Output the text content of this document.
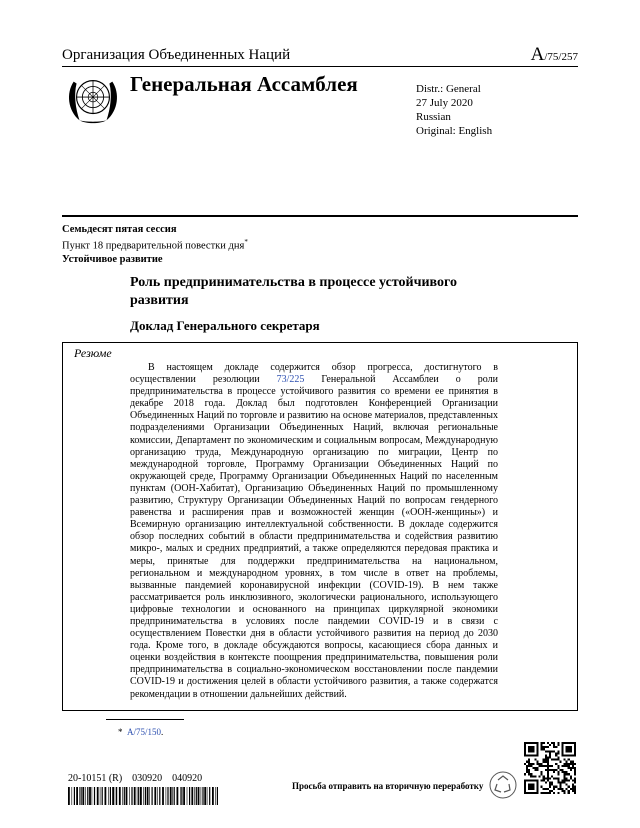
Организация Объединенных Наций	A/75/257
Генеральная Ассамблея	Distr.: General
27 July 2020
Russian
Original: English
Семьдесят пятая сессия
Пункт 18 предварительной повестки дня*
Устойчивое развитие
Роль предпринимательства в процессе устойчивого развития
Доклад Генерального секретаря
Резюме
В настоящем докладе содержится обзор прогресса, достигнутого в осуществлении резолюции 73/225 Генеральной Ассамблеи о роли предпринимательства в процессе устойчивого развития со времени ее принятия в декабре 2018 года. Доклад был подготовлен Конференцией Организации Объединенных Наций по торговле и развитию на основе материалов, представленных подразделениями Организации Объединенных Наций, включая региональные комиссии, Департамент по экономическим и социальным вопросам, Международную организацию труда, Международную организацию по миграции, Центр по международной торговле, Программу Организации Объединенных Наций по окружающей среде, Программу Организации Объединенных Наций по населенным пунктам (ООН-Хабитат), Организацию Объединенных Наций по промышленному развитию, Структуру Организации Объединенных Наций по вопросам гендерного равенства и расширения прав и возможностей женщин («ООН-женщины») и Всемирную организацию интеллектуальной собственности. В докладе содержится обзор последних событий в области предпринимательства и содействия развитию микро-, малых и средних предприятий, а также определяются передовая практика и меры, принятые для поддержки предпринимательства на национальном, региональном и международном уровнях, в том числе в ответ на проблемы, вызванные пандемией коронавирусной инфекции (COVID-19). В нем также рассматривается роль инклюзивного, экологически рационального, использующего цифровые технологии и основанного на принципах циркулярной экономики предпринимательства в условиях после пандемии COVID-19 и в связи с осуществлением Повестки дня в области устойчивого развития на период до 2030 года. Кроме того, в докладе обсуждаются вопросы, касающиеся сбора данных и оценки воздействия в контексте поощрения предпринимательства, повышения роли предпринимательства в социально-экономическом восстановлении после пандемии COVID-19 и достижения целей в области устойчивого развития, а также содержатся рекомендации в отношении дальнейших действий.
* A/75/150.
20-10151 (R)    030920    040920
Просьба отправить на вторичную переработку
